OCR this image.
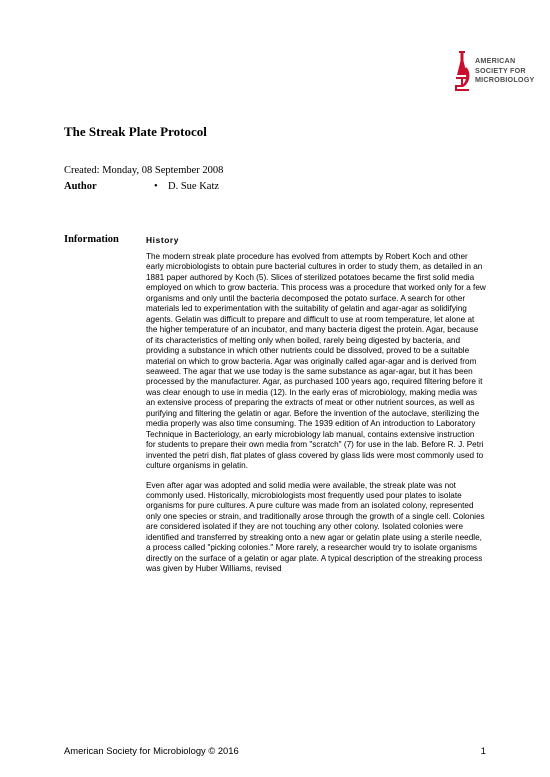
AMERICAN
SOCIETY FOR
MICROBIOLOGY
The Streak Plate Protocol
Created: Monday, 08 September 2008
Author	• D. Sue Katz
Information	History

The modern streak plate procedure has evolved from attempts by Robert Koch and other early microbiologists to obtain pure bacterial cultures in order to study them, as detailed in an 1881 paper authored by Koch (5). Slices of sterilized potatoes became the first solid media employed on which to grow bacteria. This process was a procedure that worked only for a few organisms and only until the bacteria decomposed the potato surface. A search for other materials led to experimentation with the suitability of gelatin and agar-agar as solidifying agents. Gelatin was difficult to prepare and difficult to use at room temperature, let alone at the higher temperature of an incubator, and many bacteria digest the protein. Agar, because of its characteristics of melting only when boiled, rarely being digested by bacteria, and providing a substance in which other nutrients could be dissolved, proved to be a suitable material on which to grow bacteria. Agar was originally called agar-agar and is derived from seaweed. The agar that we use today is the same substance as agar-agar, but it has been processed by the manufacturer. Agar, as purchased 100 years ago, required filtering before it was clear enough to use in media (12). In the early eras of microbiology, making media was an extensive process of preparing the extracts of meat or other nutrient sources, as well as purifying and filtering the gelatin or agar. Before the invention of the autoclave, sterilizing the media properly was also time consuming. The 1939 edition of An introduction to Laboratory Technique in Bacteriology, an early microbiology lab manual, contains extensive instruction for students to prepare their own media from "scratch" (7) for use in the lab. Before R. J. Petri invented the petri dish, flat plates of glass covered by glass lids were most commonly used to culture organisms in gelatin.

Even after agar was adopted and solid media were available, the streak plate was not commonly used. Historically, microbiologists most frequently used pour plates to isolate organisms for pure cultures. A pure culture was made from an isolated colony, represented only one species or strain, and traditionally arose through the growth of a single cell. Colonies are considered isolated if they are not touching any other colony. Isolated colonies were identified and transferred by streaking onto a new agar or gelatin plate using a sterile needle, a process called "picking colonies." More rarely, a researcher would try to isolate organisms directly on the surface of a gelatin or agar plate. A typical description of the streaking process was given by Huber Williams, revised

American Society for Microbiology © 2016	1
